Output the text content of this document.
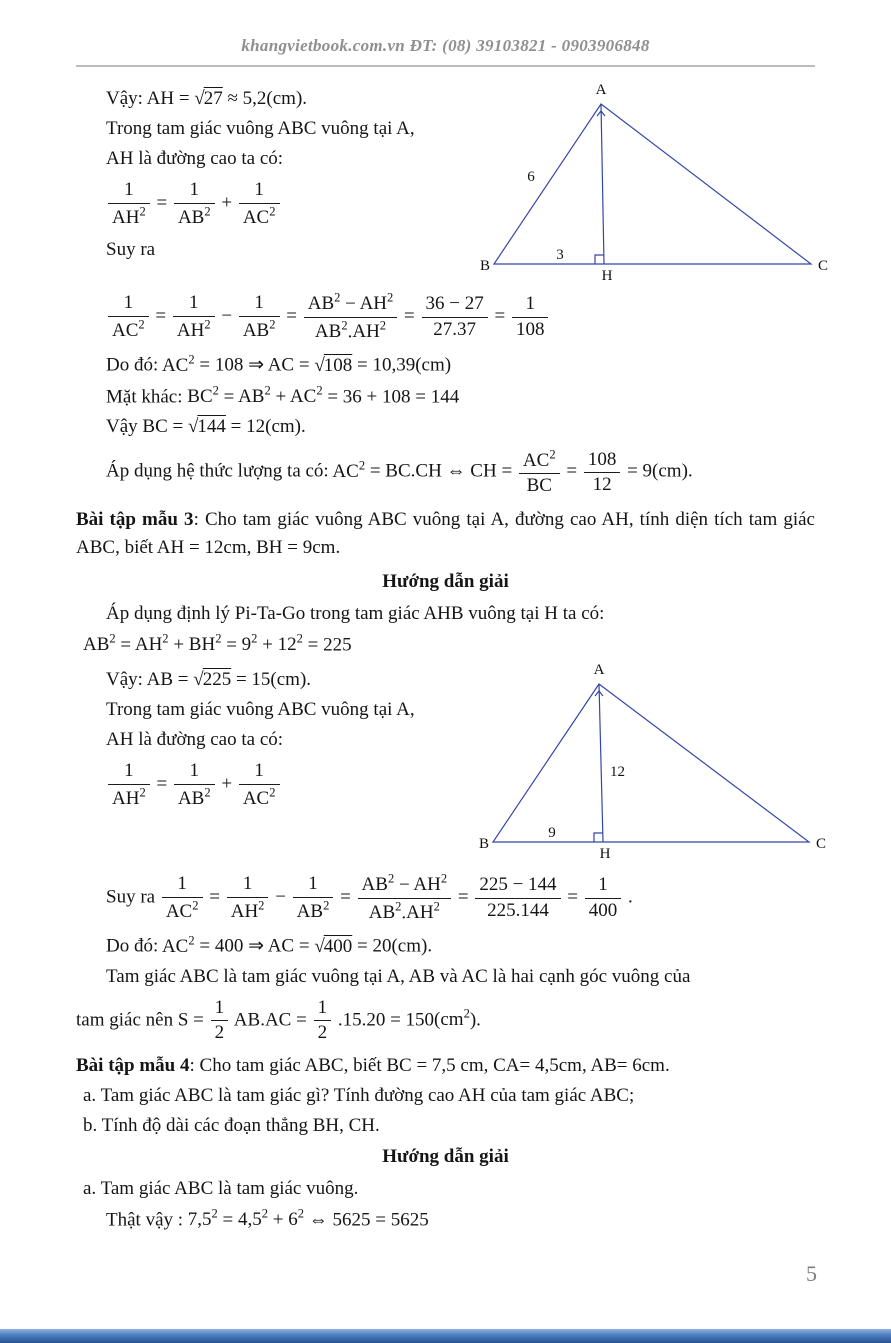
khangvietbook.com.vn ĐT: (08) 39103821 - 0903906848
Vậy: AH = √27 ≈ 5,2(cm).
Trong tam giác vuông ABC vuông tại A,
AH là đường cao ta có:
$\frac{1}{AH^2} = \frac{1}{AB^2} + \frac{1}{AC^2}$
Suy ra
A
B	C
H
6
3
$\frac{1}{AC^2} = \frac{1}{AH^2} - \frac{1}{AB^2} = \frac{AB^2 - AH^2}{AB^2.AH^2} = \frac{36 - 27}{27.37} = \frac{1}{108}$
Do đó: $AC^2 = 108$ ⇒ AC = √108 = 10,39(cm)
Mặt khác: $BC^2 = AB^2 + AC^2 = 36 + 108 = 144$
Vậy BC = √144 = 12(cm).
Áp dụng hệ thức lượng ta có: $AC^2 = BC.CH$ ⇔ CH = $\frac{AC^2}{BC} = \frac{108}{12} = 9(cm)$.
Bài tập mẫu 3: Cho tam giác vuông ABC vuông tại A, đường cao AH, tính diện tích tam giác ABC, biết AH = 12cm, BH = 9cm.
Hướng dẫn giải
Áp dụng định lý Pi-Ta-Go trong tam giác AHB vuông tại H ta có:
$AB^2 = AH^2 + BH^2 = 9^2 + 12^2 = 225$
Vậy: AB = √225 = 15(cm).
Trong tam giác vuông ABC vuông tại A,
AH là đường cao ta có:
$\frac{1}{AH^2} = \frac{1}{AB^2} + \frac{1}{AC^2}$
A
B	C
H
12
9
Suy ra $\frac{1}{AC^2} = \frac{1}{AH^2} - \frac{1}{AB^2} = \frac{AB^2 - AH^2}{AB^2.AH^2} = \frac{225 - 144}{225.144} = \frac{1}{400}$ .
Do đó: $AC^2 = 400$ ⇒ AC = √400 = 20(cm).
Tam giác ABC là tam giác vuông tại A, AB và AC là hai cạnh góc vuông của
tam giác nên $S = \frac{1}{2} AB.AC = \frac{1}{2} .15.20 = 150(cm^2)$.
Bài tập mẫu 4: Cho tam giác ABC, biết BC = 7,5 cm, CA= 4,5cm, AB= 6cm.
a. Tam giác ABC là tam giác gì? Tính đường cao AH của tam giác ABC;
b. Tính độ dài các đoạn thẳng BH, CH.
Hướng dẫn giải
a. Tam giác ABC là tam giác vuông.
Thật vậy : $7,5^2 = 4,5^2 + 6^2$ ⇔ 5625 = 5625
5
